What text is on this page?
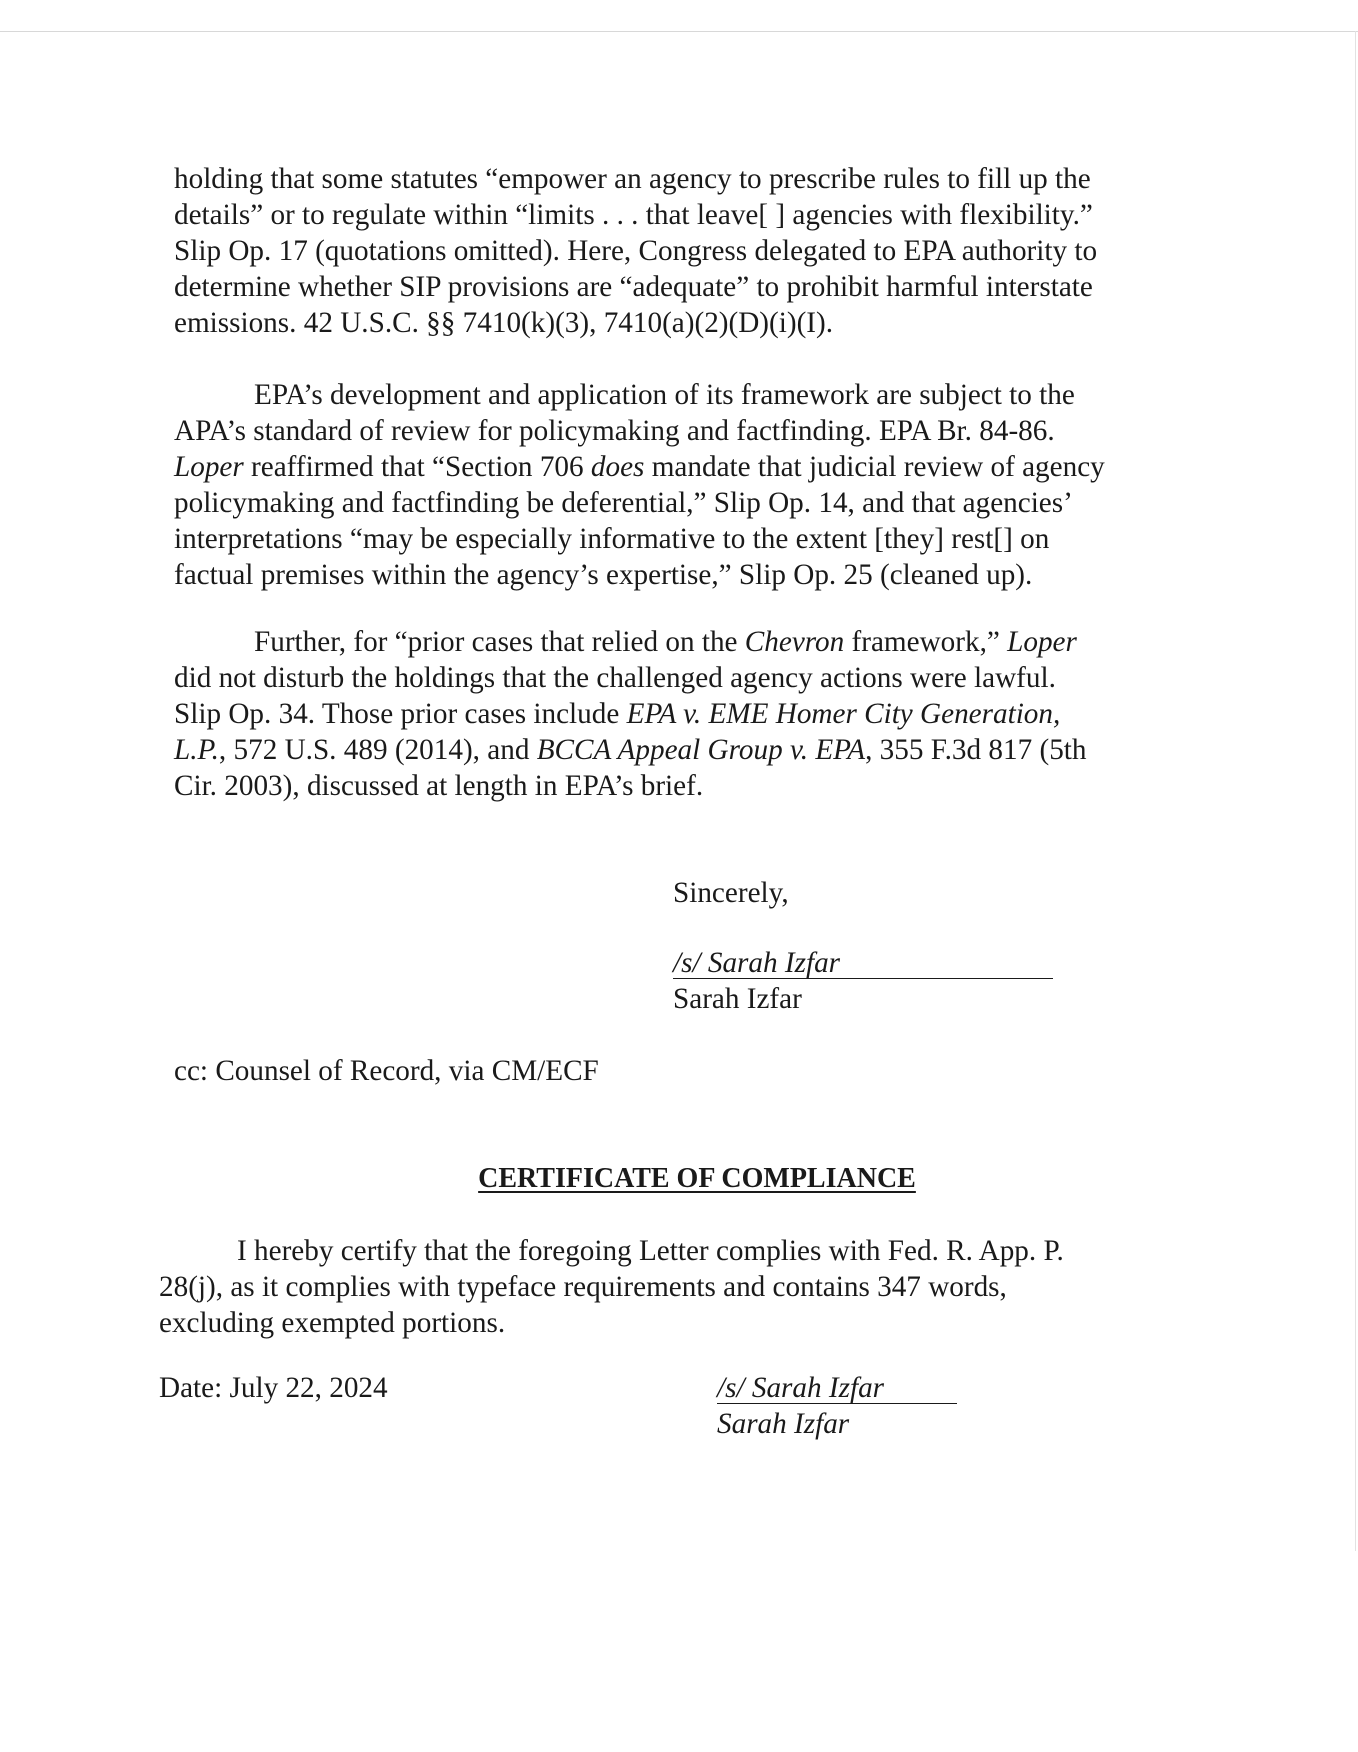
holding that some statutes “empower an agency to prescribe rules to fill up the
details” or to regulate within “limits . . . that leave[ ] agencies with flexibility.”
Slip Op. 17 (quotations omitted). Here, Congress delegated to EPA authority to
determine whether SIP provisions are “adequate” to prohibit harmful interstate
emissions. 42 U.S.C. §§ 7410(k)(3), 7410(a)(2)(D)(i)(I).
EPA’s development and application of its framework are subject to the
APA’s standard of review for policymaking and factfinding. EPA Br. 84-86.
Loper reaffirmed that “Section 706 does mandate that judicial review of agency
policymaking and factfinding be deferential,” Slip Op. 14, and that agencies’
interpretations “may be especially informative to the extent [they] rest[] on
factual premises within the agency’s expertise,” Slip Op. 25 (cleaned up).
Further, for “prior cases that relied on the Chevron framework,” Loper
did not disturb the holdings that the challenged agency actions were lawful.
Slip Op. 34. Those prior cases include EPA v. EME Homer City Generation,
L.P., 572 U.S. 489 (2014), and BCCA Appeal Group v. EPA, 355 F.3d 817 (5th
Cir. 2003), discussed at length in EPA’s brief.
Sincerely,
/s/ Sarah Izfar
Sarah Izfar
cc: Counsel of Record, via CM/ECF
CERTIFICATE OF COMPLIANCE
I hereby certify that the foregoing Letter complies with Fed. R. App. P.
28(j), as it complies with typeface requirements and contains 347 words,
excluding exempted portions.
Date: July 22, 2024	/s/ Sarah Izfar
Sarah Izfar
